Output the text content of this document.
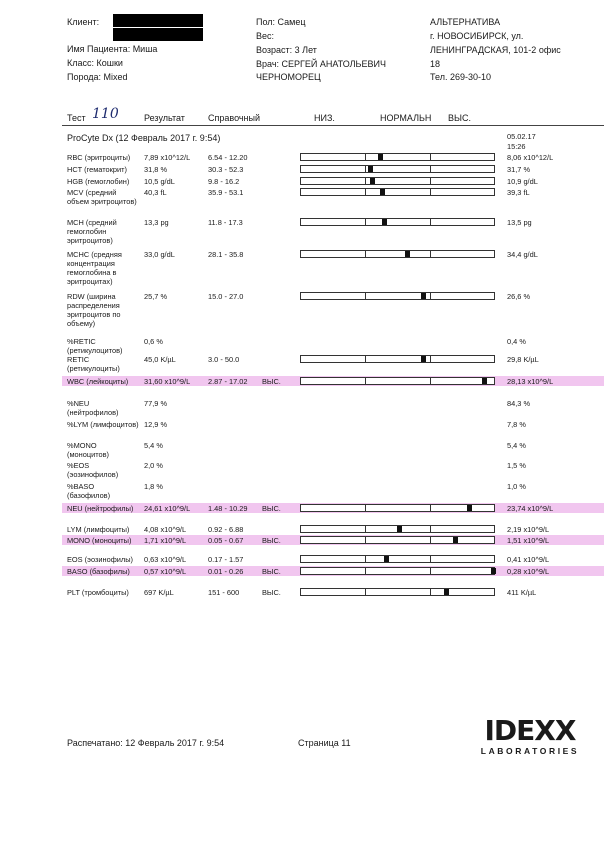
Клиент:
Имя Пациента: Миша
Класс: Кошки
Порода: Mixed
Пол: Самец
Вес:
Возраст: 3 Лет
Врач: СЕРГЕЙ АНАТОЛЬЕВИЧ
ЧЕРНОМОРЕЦ
АЛЬТЕРНАТИВА
г. НОВОСИБИРСК, ул.
ЛЕНИНГРАДСКАЯ, 101-2 офис
18
Тел. 269-30-10
Тест 110	Результат	Справочный	НИЗ.	НОРМАЛЬН ВЫС.
ProCyte Dx (12 Февраль 2017 г. 9:54)	05.02.17
15:26
RBC (эритроциты)	7,89 x10^12/L 6.54 - 12.20	8,06 x10^12/L
HCT (гематокрит)	31,8 %	30.3 - 52.3	31,7 %
HGB (гемоглобин)	10,5 g/dL	9.8 - 16.2	10,9 g/dL
MCV (средний объем эритроцитов)
40,3 fL	35.9 - 53.1	39,3 fL
MCH (средний гемоглобин эритроцитов)
13,3 pg	11.8 - 17.3	13,5 pg
MCHC (средняя концентрация гемоглобина в эритроцитах)
33,0 g/dL	28.1 - 35.8	34,4 g/dL
RDW (ширина распределения эритроцитов по объему)
25,7 %	15.0 - 27.0	26,6 %
%RETIC (ретикулоцитов)
0,6 %	0,4 %
RETIC (ретикулоциты)
45,0 K/µL	3.0 - 50.0	29,8 K/µL
WBC (лейкоциты)	31,60 x10^9/L 2.87 - 17.02 ВЫС.	28,13 x10^9/L
%NEU (нейтрофилов)
77,9 %	84,3 %
%LYM (лимфоцитов) 12,9 %	7,8 %
%MONO (моноцитов)
5,4 %	5,4 %
%EOS (эозинофилов)
2,0 %	1,5 %
%BASO (базофилов)
1,8 %	1,0 %
NEU (нейтрофилы)	24,61 x10^9/L 1.48 - 10.29 ВЫС.	23,74 x10^9/L
LYM (лимфоциты)	4,08 x10^9/L	0.92 - 6.88	2,19 x10^9/L
MONO (моноциты)	1,71 x10^9/L	0.05 - 0.67	ВЫС.	1,51 x10^9/L
EOS (эозинофилы)	0,63 x10^9/L	0.17 - 1.57	0,41 x10^9/L
BASO (базофилы)	0,57 x10^9/L	0.01 - 0.26	ВЫС.	0,28 x10^9/L
PLT (тромбоциты)	697 K/µL	151 - 600	ВЫС.	411 K/µL
Распечатано: 12 Февраль 2017 г. 9:54	Страница 11	IDEXX
LABORATORIES
